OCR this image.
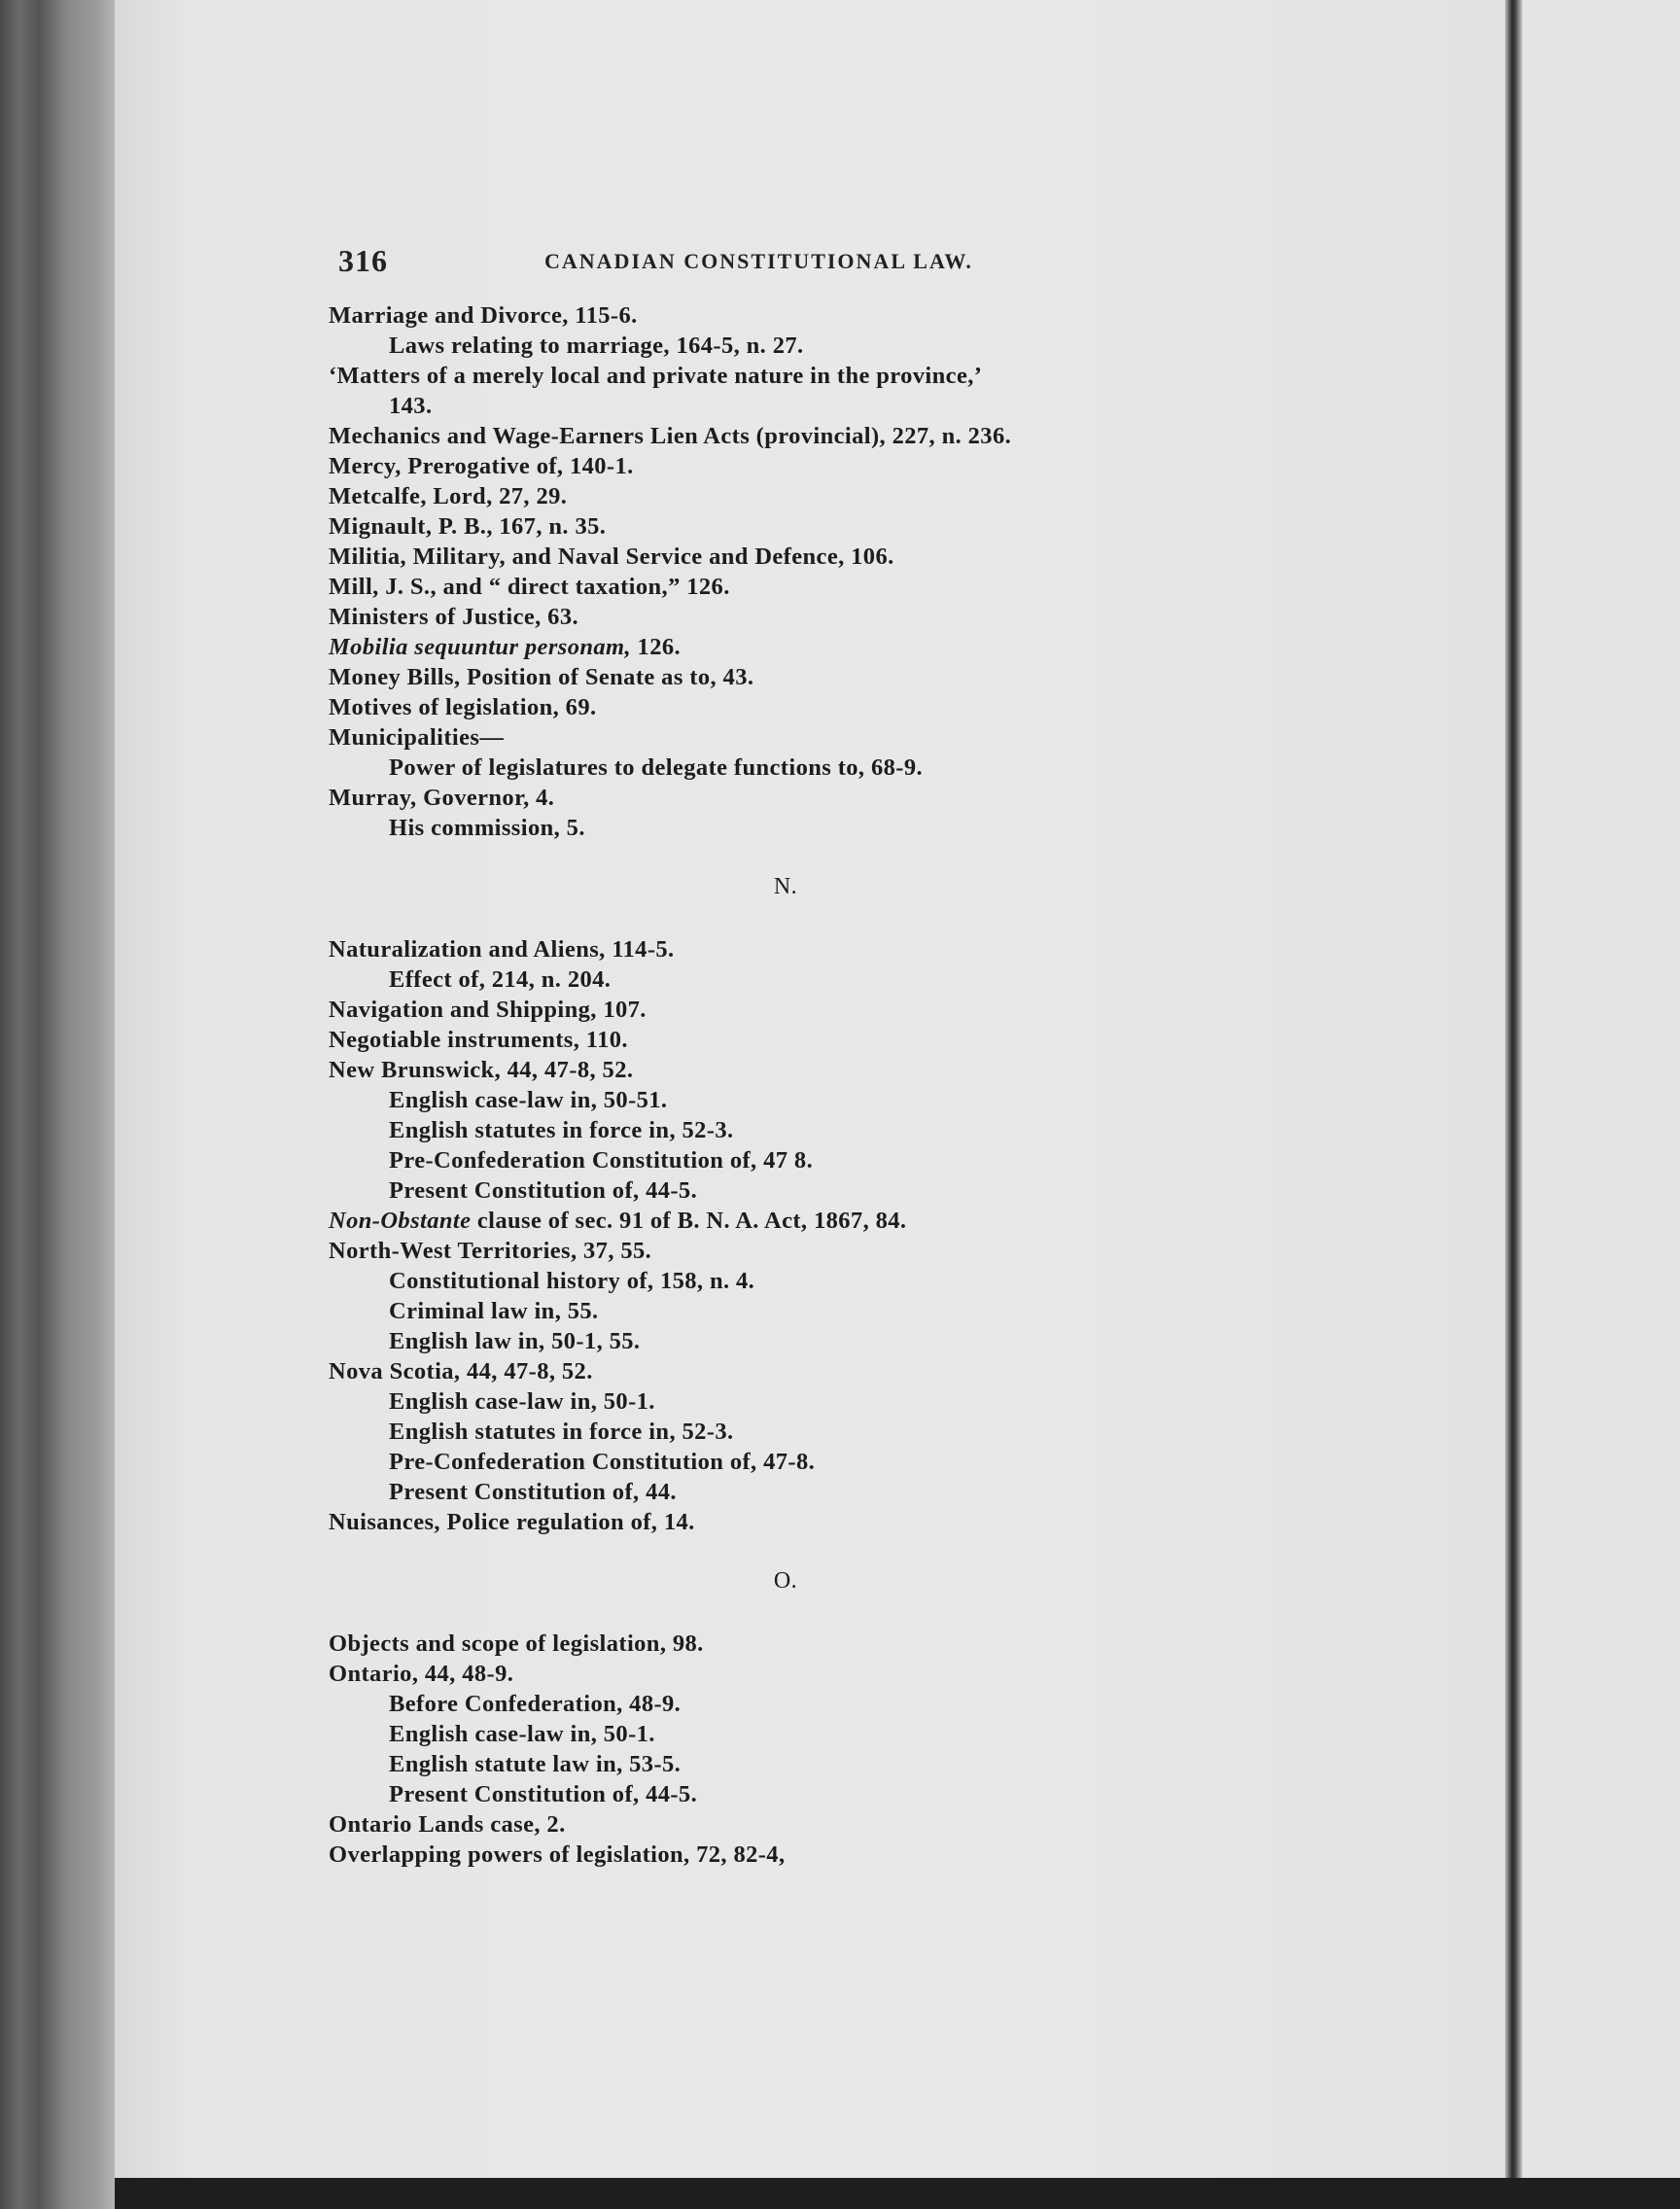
316	CANADIAN CONSTITUTIONAL LAW.
Marriage and Divorce, 115-6.
Laws relating to marriage, 164-5, n. 27.
‘Matters of a merely local and private nature in the province,’
143.
Mechanics and Wage-Earners Lien Acts (provincial), 227, n. 236.
Mercy, Prerogative of, 140-1.
Metcalfe, Lord, 27, 29.
Mignault, P. B., 167, n. 35.
Militia, Military, and Naval Service and Defence, 106.
Mill, J. S., and “ direct taxation,” 126.
Ministers of Justice, 63.
Mobilia sequuntur personam, 126.
Money Bills, Position of Senate as to, 43.
Motives of legislation, 69.
Municipalities—
Power of legislatures to delegate functions to, 68-9.
Murray, Governor, 4.
His commission, 5.
N.
Naturalization and Aliens, 114-5.
Effect of, 214, n. 204.
Navigation and Shipping, 107.
Negotiable instruments, 110.
New Brunswick, 44, 47-8, 52.
English case-law in, 50-51.
English statutes in force in, 52-3.
Pre-Confederation Constitution of, 47 8.
Present Constitution of, 44-5.
Non-Obstante clause of sec. 91 of B. N. A. Act, 1867, 84.
North-West Territories, 37, 55.
Constitutional history of, 158, n. 4.
Criminal law in, 55.
English law in, 50-1, 55.
Nova Scotia, 44, 47-8, 52.
English case-law in, 50-1.
English statutes in force in, 52-3.
Pre-Confederation Constitution of, 47-8.
Present Constitution of, 44.
Nuisances, Police regulation of, 14.
O.
Objects and scope of legislation, 98.
Ontario, 44, 48-9.
Before Confederation, 48-9.
English case-law in, 50-1.
English statute law in, 53-5.
Present Constitution of, 44-5.
Ontario Lands case, 2.
Overlapping powers of legislation, 72, 82-4,
